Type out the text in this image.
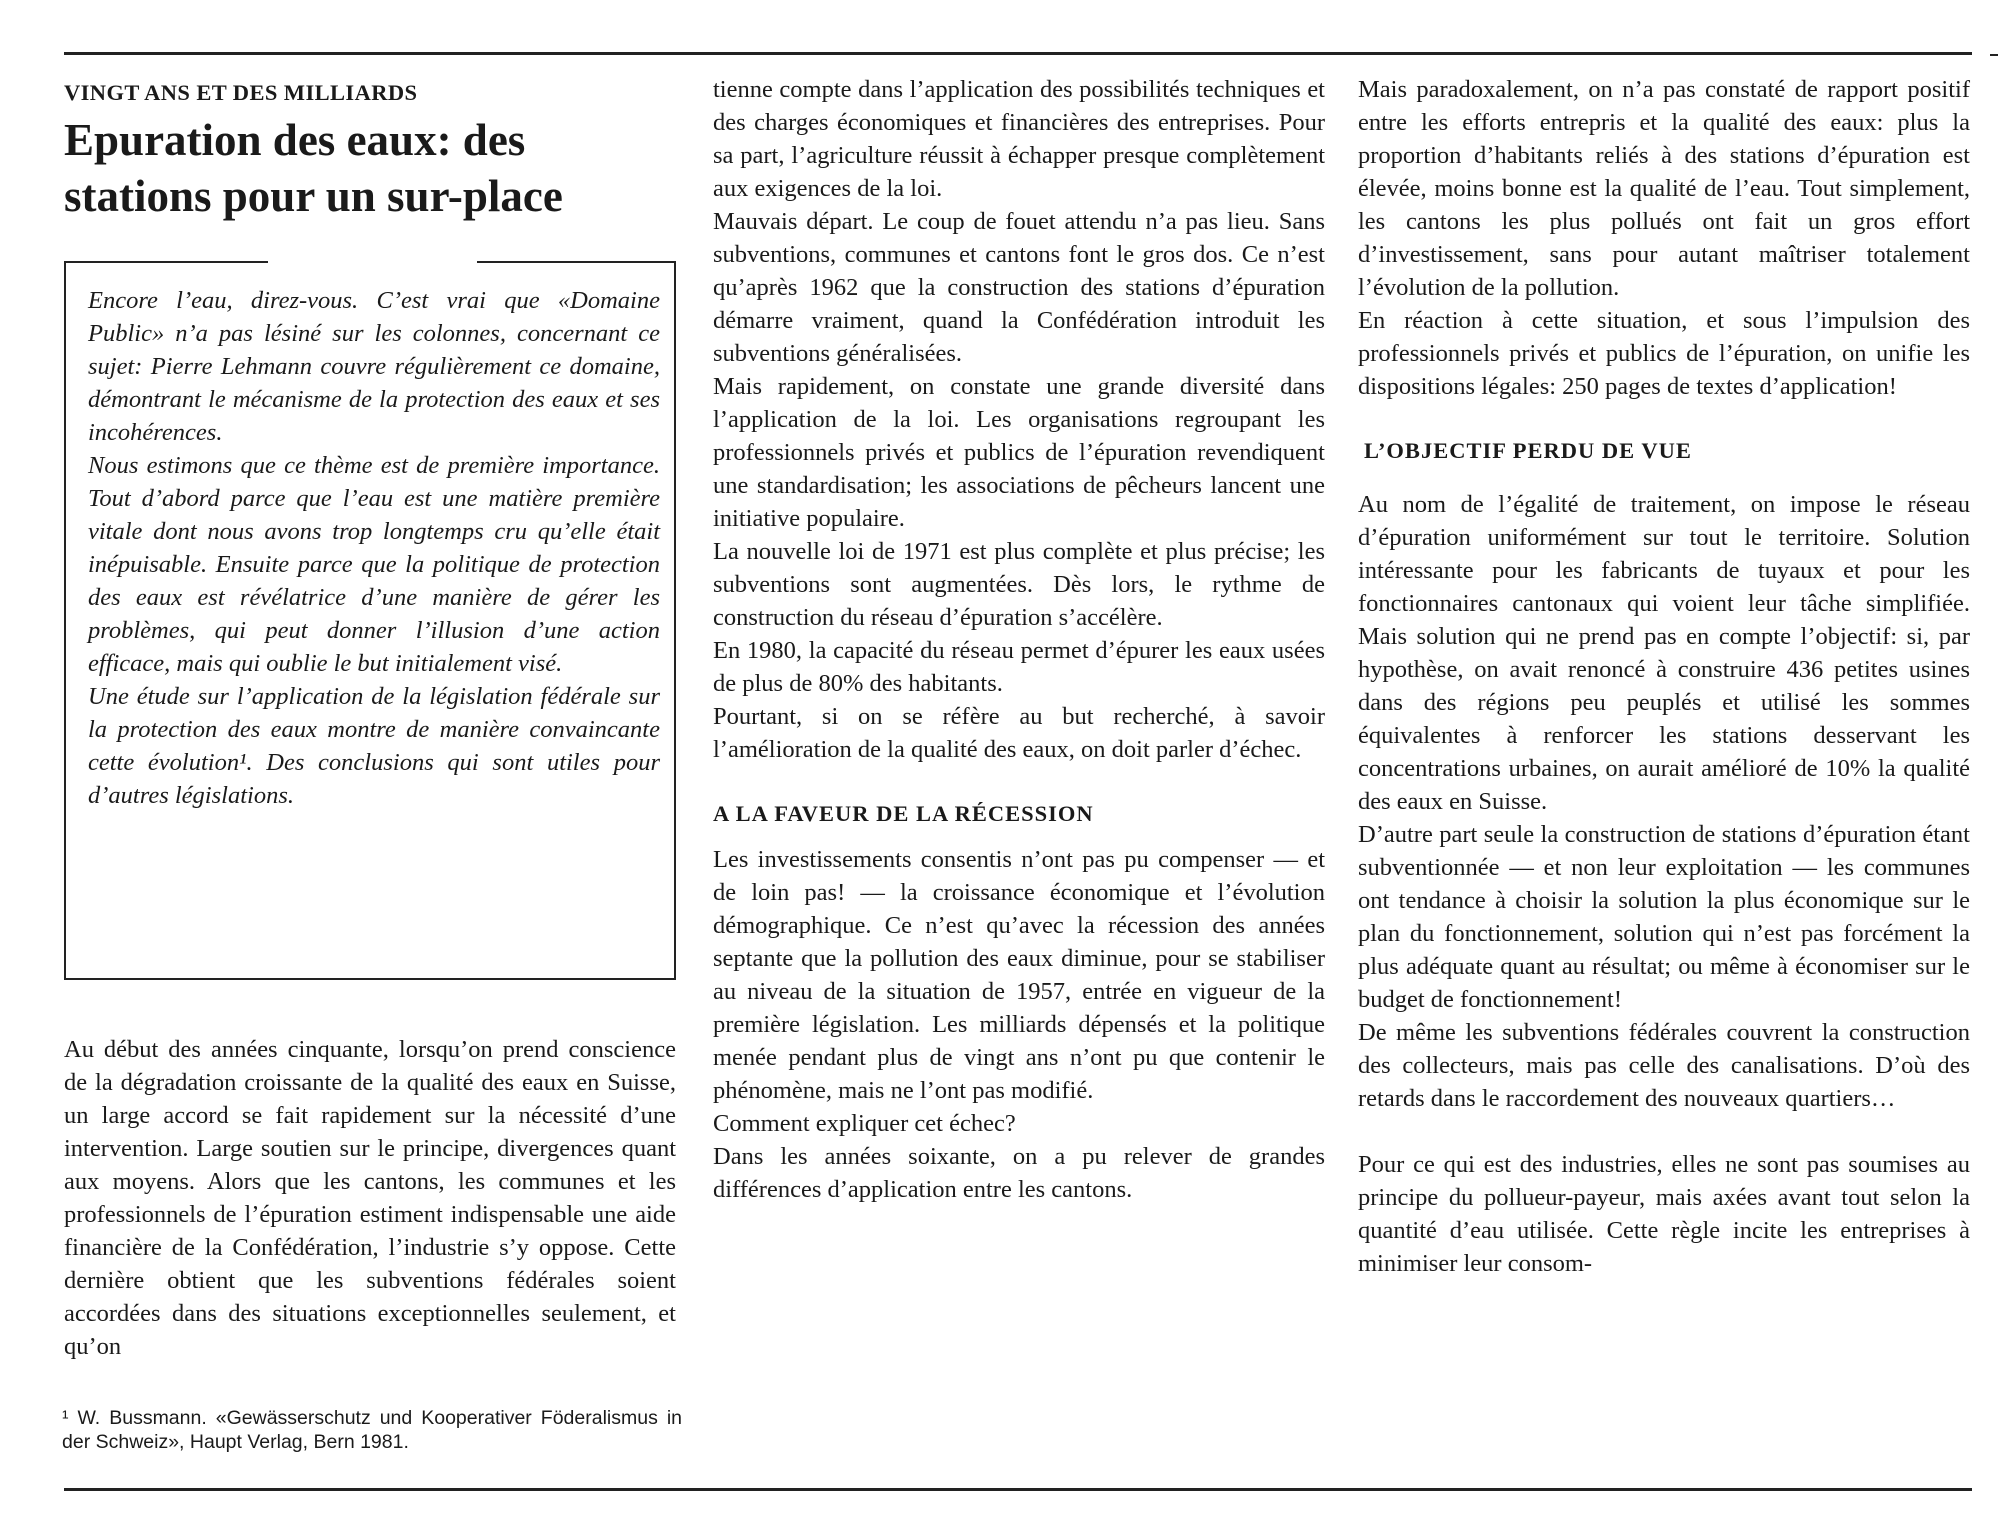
VINGT ANS ET DES MILLIARDS
Epuration des eaux: des
stations pour un sur-place

Encore l’eau, direz-vous. C’est vrai que «Domaine Public» n’a pas lésiné sur les colonnes, concernant ce sujet: Pierre Lehmann couvre régulièrement ce domaine, démontrant le mécanisme de la protection des eaux et ses incohérences.

Nous estimons que ce thème est de première importance. Tout d’abord parce que l’eau est une matière première vitale dont nous avons trop longtemps cru qu’elle était inépuisable. Ensuite parce que la politique de protection des eaux est révélatrice d’une manière de gérer les problèmes, qui peut donner l’illusion d’une action efficace, mais qui oublie le but initialement visé.

Une étude sur l’application de la législation fédérale sur la protection des eaux montre de manière convaincante cette évolution¹. Des conclusions qui sont utiles pour d’autres législations.

Au début des années cinquante, lorsqu’on prend conscience de la dégradation croissante de la qualité des eaux en Suisse, un large accord se fait rapidement sur la nécessité d’une intervention. Large soutien sur le principe, divergences quant aux moyens. Alors que les cantons, les communes et les professionnels de l’épuration estiment indispensable une aide financière de la Confédération, l’industrie s’y oppose. Cette dernière obtient que les subventions fédérales soient accordées dans des situations exceptionnelles seulement, et qu’on

¹ W. Bussmann. «Gewässerschutz und Kooperativer Föderalismus in der Schweiz», Haupt Verlag, Bern 1981.

tienne compte dans l’application des possibilités techniques et des charges économiques et financières des entreprises. Pour sa part, l’agriculture réussit à échapper presque complètement aux exigences de la loi.

Mauvais départ. Le coup de fouet attendu n’a pas lieu. Sans subventions, communes et cantons font le gros dos. Ce n’est qu’après 1962 que la construction des stations d’épuration démarre vraiment, quand la Confédération introduit les subventions généralisées.

Mais rapidement, on constate une grande diversité dans l’application de la loi. Les organisations regroupant les professionnels privés et publics de l’épuration revendiquent une standardisation; les associations de pêcheurs lancent une initiative populaire.

La nouvelle loi de 1971 est plus complète et plus précise; les subventions sont augmentées. Dès lors, le rythme de construction du réseau d’épuration s’accélère.

En 1980, la capacité du réseau permet d’épurer les eaux usées de plus de 80% des habitants.

Pourtant, si on se réfère au but recherché, à savoir l’amélioration de la qualité des eaux, on doit parler d’échec.

A LA FAVEUR DE LA RÉCESSION

Les investissements consentis n’ont pas pu compenser — et de loin pas! — la croissance économique et l’évolution démographique. Ce n’est qu’avec la récession des années septante que la pollution des eaux diminue, pour se stabiliser au niveau de la situation de 1957, entrée en vigueur de la première législation. Les milliards dépensés et la politique menée pendant plus de vingt ans n’ont pu que contenir le phénomène, mais ne l’ont pas modifié.

Comment expliquer cet échec?

Dans les années soixante, on a pu relever de grandes différences d’application entre les cantons.

Mais paradoxalement, on n’a pas constaté de rapport positif entre les efforts entrepris et la qualité des eaux: plus la proportion d’habitants reliés à des stations d’épuration est élevée, moins bonne est la qualité de l’eau. Tout simplement, les cantons les plus pollués ont fait un gros effort d’investissement, sans pour autant maîtriser totalement l’évolution de la pollution.

En réaction à cette situation, et sous l’impulsion des professionnels privés et publics de l’épuration, on unifie les dispositions légales: 250 pages de textes d’application!

L’OBJECTIF PERDU DE VUE

Au nom de l’égalité de traitement, on impose le réseau d’épuration uniformément sur tout le territoire. Solution intéressante pour les fabricants de tuyaux et pour les fonctionnaires cantonaux qui voient leur tâche simplifiée. Mais solution qui ne prend pas en compte l’objectif: si, par hypothèse, on avait renoncé à construire 436 petites usines dans des régions peu peuplés et utilisé les sommes équivalentes à renforcer les stations desservant les concentrations urbaines, on aurait amélioré de 10% la qualité des eaux en Suisse.

D’autre part seule la construction de stations d’épuration étant subventionnée — et non leur exploitation — les communes ont tendance à choisir la solution la plus économique sur le plan du fonctionnement, solution qui n’est pas forcément la plus adéquate quant au résultat; ou même à économiser sur le budget de fonctionnement!

De même les subventions fédérales couvrent la construction des collecteurs, mais pas celle des canalisations. D’où des retards dans le raccordement des nouveaux quartiers…

Pour ce qui est des industries, elles ne sont pas soumises au principe du pollueur-payeur, mais axées avant tout selon la quantité d’eau utilisée. Cette règle incite les entreprises à minimiser leur consom-
